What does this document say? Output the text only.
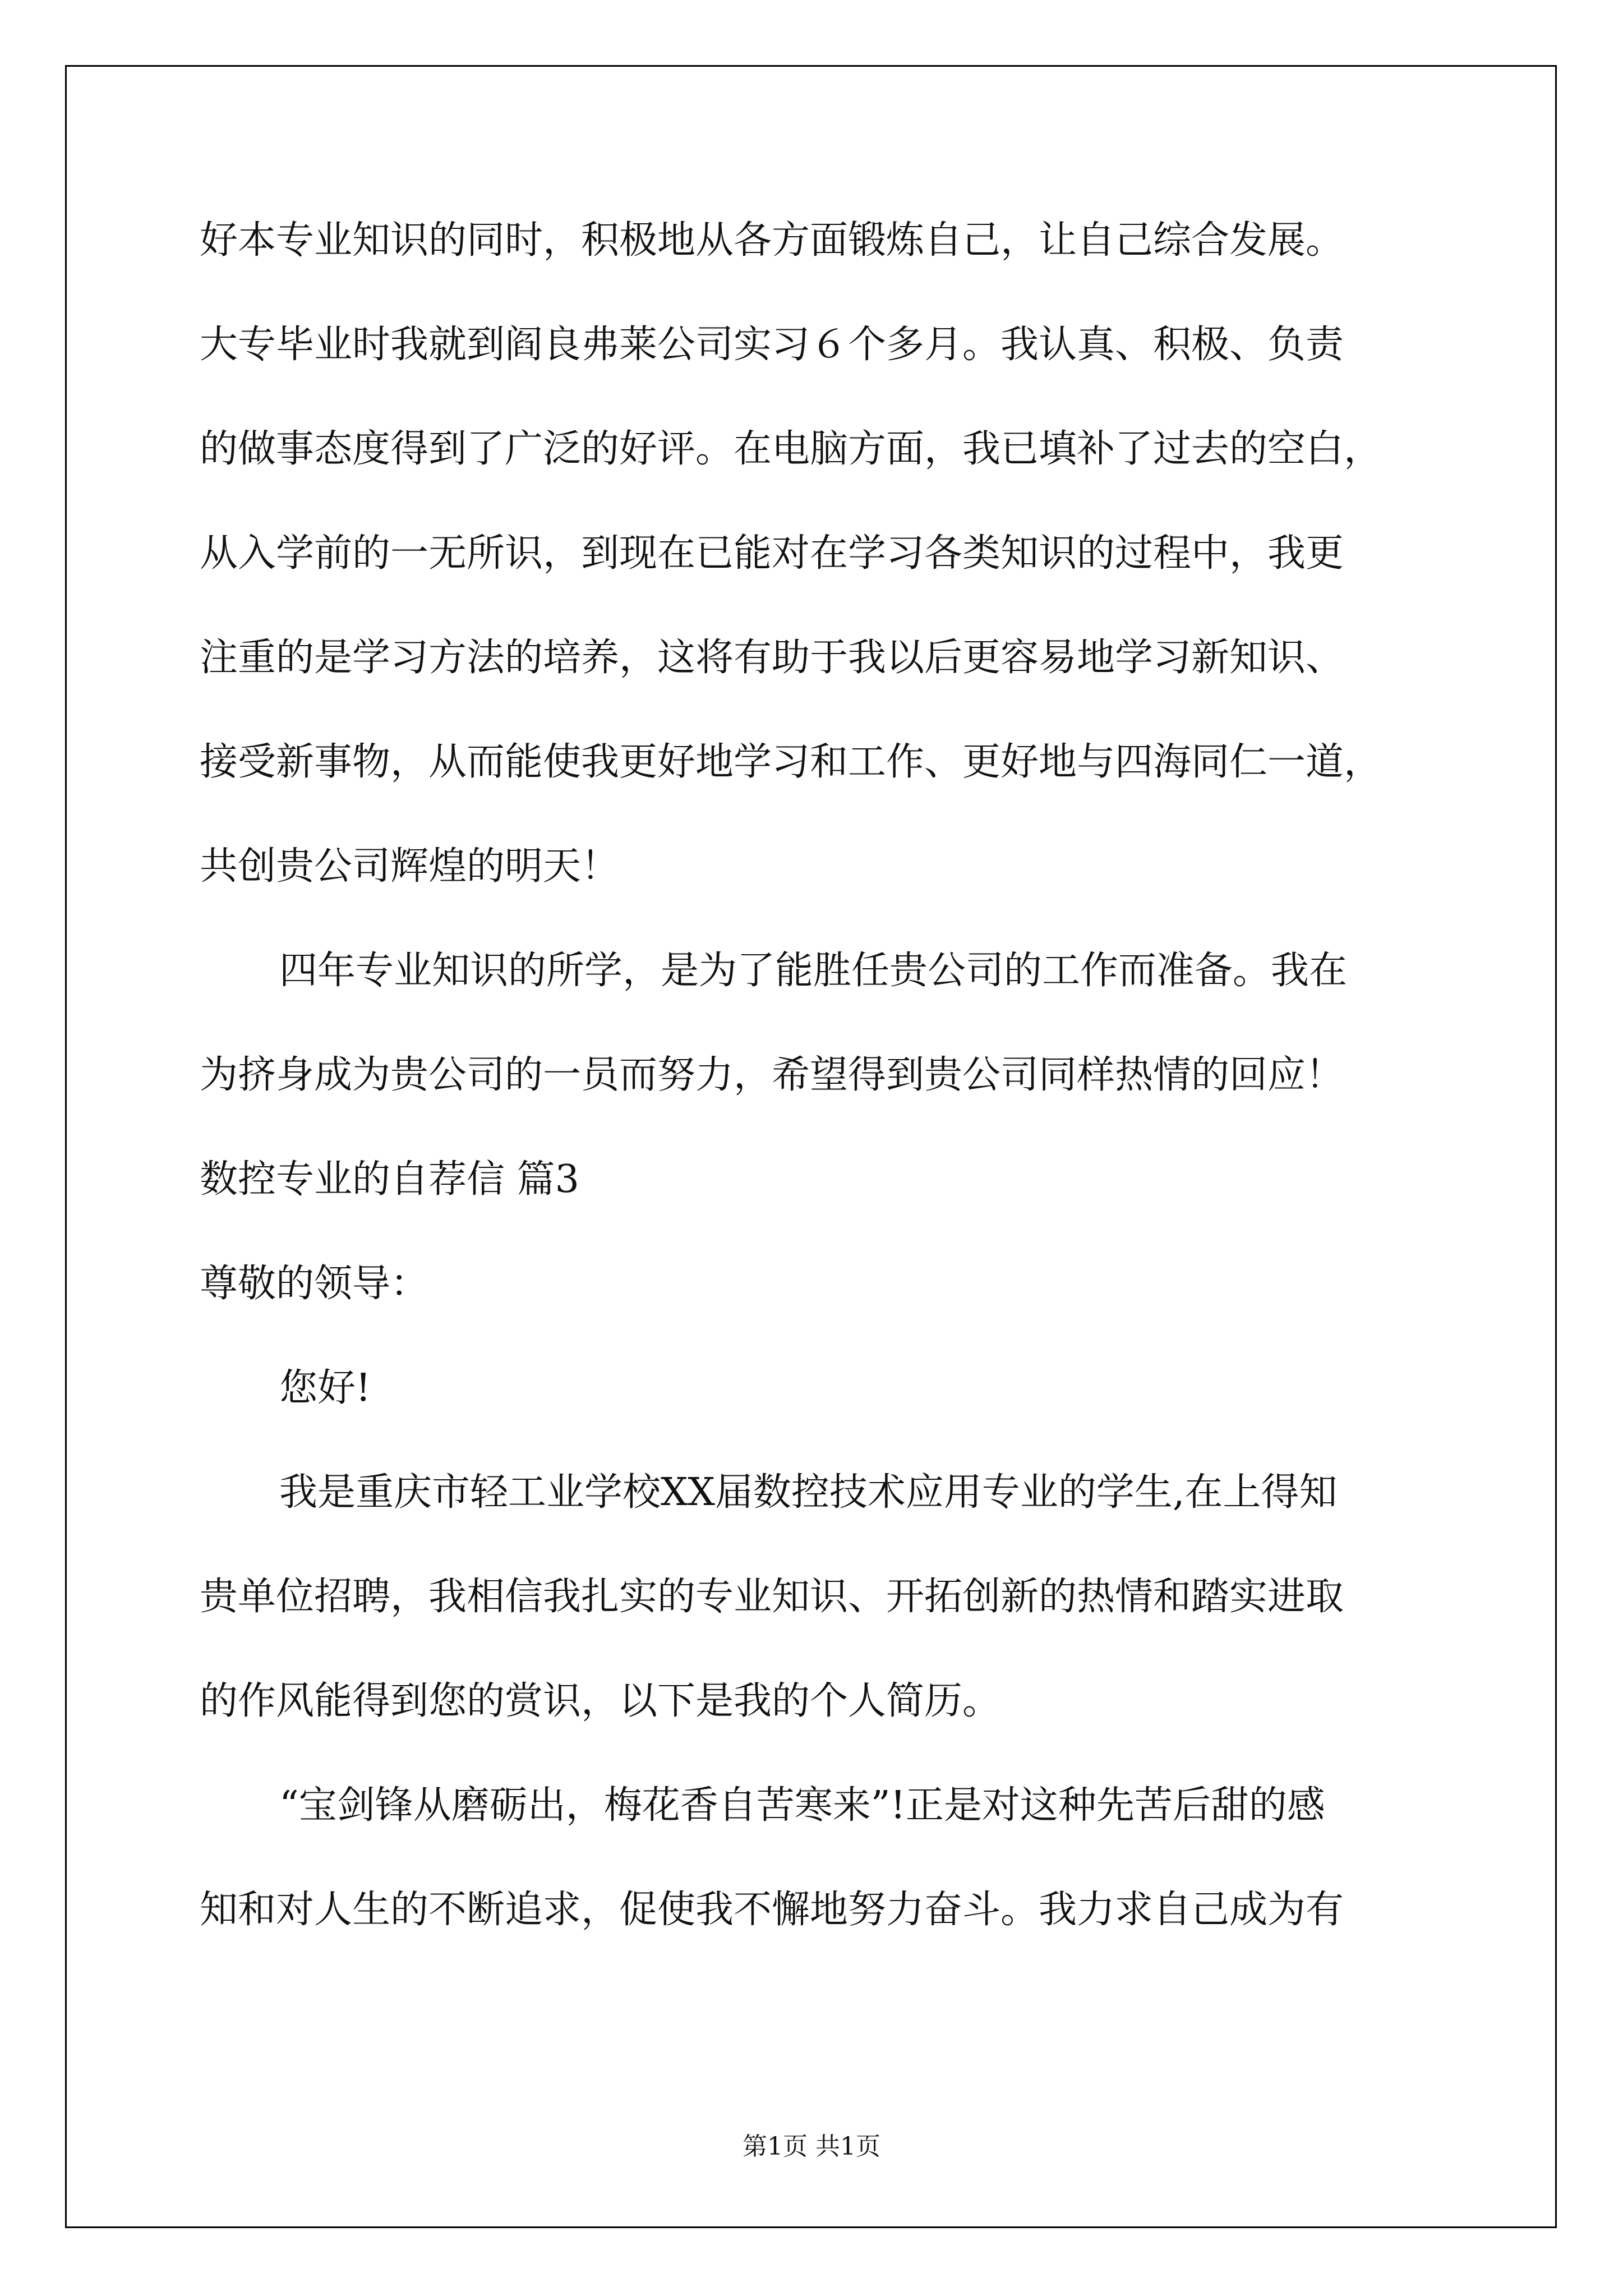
好本专业知识的同时，积极地从各方面锻炼自己，让自己综合发展。
大专毕业时我就到阎良弗莱公司实习６个多月。我认真、积极、负责
的做事态度得到了广泛的好评。在电脑方面，我已填补了过去的空白，
从入学前的一无所识，到现在已能对在学习各类知识的过程中，我更
注重的是学习方法的培养，这将有助于我以后更容易地学习新知识、
接受新事物，从而能使我更好地学习和工作、更好地与四海同仁一道，
共创贵公司辉煌的明天！
四年专业知识的所学，是为了能胜任贵公司的工作而准备。我在
为挤身成为贵公司的一员而努力，希望得到贵公司同样热情的回应！
数控专业的自荐信 篇3
尊敬的领导：
您好!
我是重庆市轻工业学校XX届数控技术应用专业的学生,在上得知
贵单位招聘，我相信我扎实的专业知识、开拓创新的热情和踏实进取
的作风能得到您的赏识，以下是我的个人简历。
“宝剑锋从磨砺出，梅花香自苦寒来”!正是对这种先苦后甜的感
知和对人生的不断追求，促使我不懈地努力奋斗。我力求自己成为有
第1页 共1页
